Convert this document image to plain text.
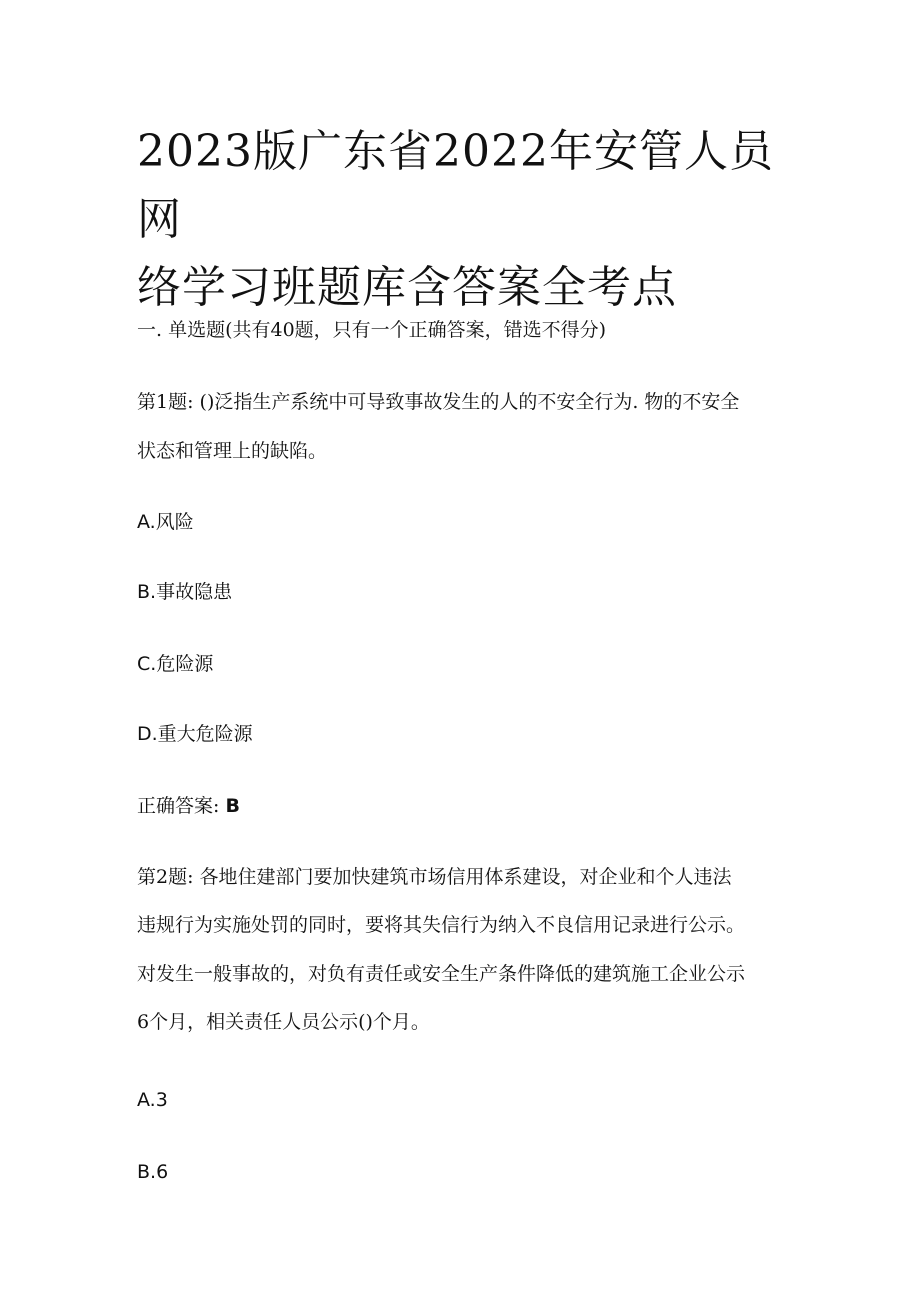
2023版广东省2022年安管人员网
络学习班题库含答案全考点

一. 单选题(共有40题，只有一个正确答案，错选不得分)

第1题: ()泛指生产系统中可导致事故发生的人的不安全行为. 物的不安全

状态和管理上的缺陷。

A.风险

B.事故隐患

C.危险源

D.重大危险源

正确答案: B

第2题: 各地住建部门要加快建筑市场信用体系建设，对企业和个人违法

违规行为实施处罚的同时，要将其失信行为纳入不良信用记录进行公示。

对发生一般事故的，对负有责任或安全生产条件降低的建筑施工企业公示

6个月，相关责任人员公示()个月。

A.3

B.6
